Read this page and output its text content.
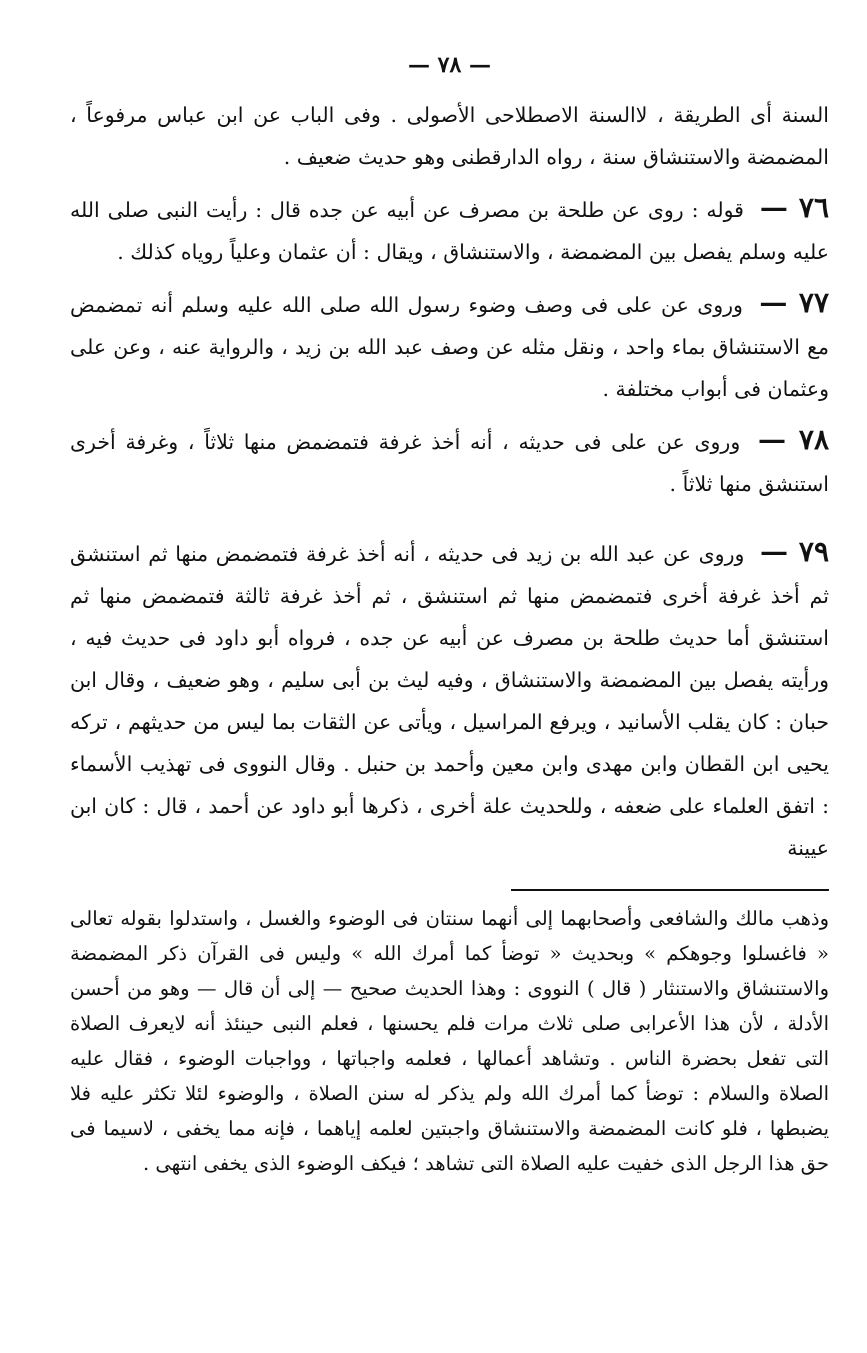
— ٧٨ —

السنة أى الطريقة ، لاالسنة الاصطلاحى الأصولى . وفى الباب عن ابن عباس مرفوعاً ، المضمضة والاستنشاق سنة ، رواه الدارقطنى وهو حديث ضعيف .

٧٦ — قوله : روى عن طلحة بن مصرف عن أبيه عن جده قال : رأيت النبى صلى الله عليه وسلم يفصل بين المضمضة ، والاستنشاق ، ويقال : أن عثمان وعلياً روياه كذلك .

٧٧ — وروى عن على فى وصف وضوء رسول الله صلى الله عليه وسلم أنه تمضمض مع الاستنشاق بماء واحد ، ونقل مثله عن وصف عبد الله بن زيد ، والرواية عنه ، وعن على وعثمان فى أبواب مختلفة .

٧٨ — وروى عن على فى حديثه ، أنه أخذ غرفة فتمضمض منها ثلاثاً ، وغرفة أخرى استنشق منها ثلاثاً .

٧٩ — وروى عن عبد الله بن زيد فى حديثه ، أنه أخذ غرفة فتمضمض منها ثم استنشق ثم أخذ غرفة أخرى فتمضمض منها ثم استنشق ، ثم أخذ غرفة ثالثة فتمضمض منها ثم استنشق أما حديث طلحة بن مصرف عن أبيه عن جده ، فرواه أبو داود فى حديث فيه ، ورأيته يفصل بين المضمضة والاستنشاق ، وفيه ليث بن أبى سليم ، وهو ضعيف ، وقال ابن حبان : كان يقلب الأسانيد ، ويرفع المراسيل ، ويأتى عن الثقات بما ليس من حديثهم ، تركه يحيى ابن القطان وابن مهدى وابن معين وأحمد بن حنبل . وقال النووى فى تهذيب الأسماء : اتفق العلماء على ضعفه ، وللحديث علة أخرى ، ذكرها أبو داود عن أحمد ، قال : كان ابن عيينة

وذهب مالك والشافعى وأصحابهما إلى أنهما سنتان فى الوضوء والغسل ، واستدلوا بقوله تعالى « فاغسلوا وجوهكم » وبحديث « توضأ كما أمرك الله » وليس فى القرآن ذكر المضمضة والاستنشاق والاستنثار ( قال ) النووى : وهذا الحديث صحيح — إلى أن قال — وهو من أحسن الأدلة ، لأن هذا الأعرابى صلى ثلاث مرات فلم يحسنها ، فعلم النبى حينئذ أنه لايعرف الصلاة التى تفعل بحضرة الناس . وتشاهد أعمالها ، فعلمه واجباتها ، وواجبات الوضوء ، فقال عليه الصلاة والسلام : توضأ كما أمرك الله ولم يذكر له سنن الصلاة ، والوضوء لئلا تكثر عليه فلا يضبطها ، فلو كانت المضمضة والاستنشاق واجبتين لعلمه إياهما ، فإنه مما يخفى ، لاسيما فى حق هذا الرجل الذى خفيت عليه الصلاة التى تشاهد ؛ فيكف الوضوء الذى يخفى انتهى .
